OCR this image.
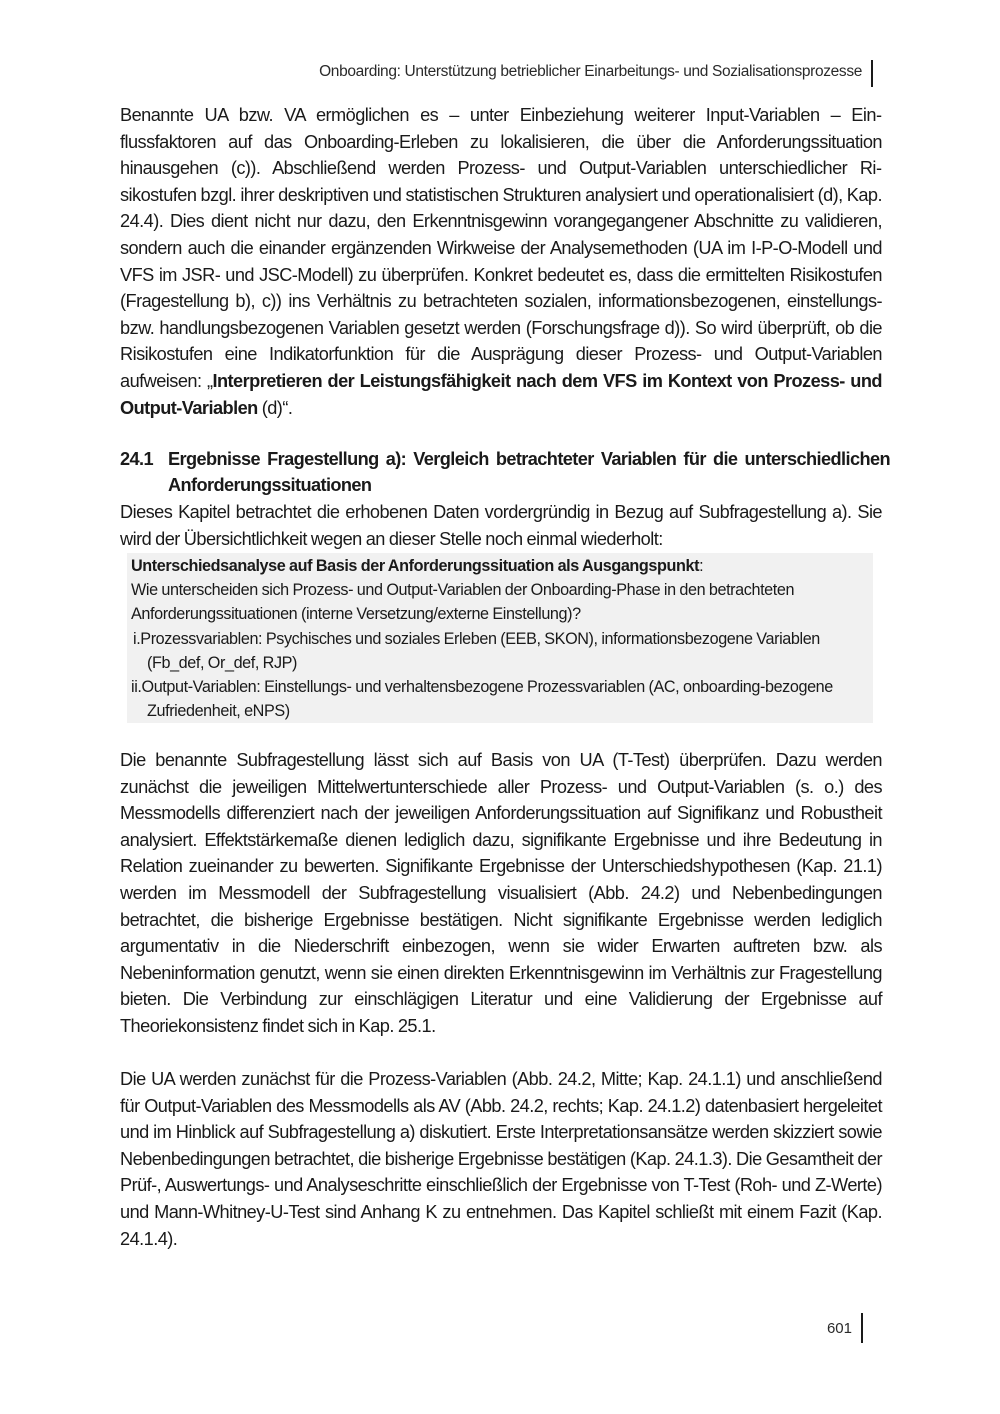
Onboarding: Unterstützung betrieblicher Einarbeitungs- und Sozialisationsprozesse

Benannte UA bzw. VA ermöglichen es – unter Einbeziehung weiterer Input-Variablen – Einflussfaktoren auf das Onboarding-Erleben zu lokalisieren, die über die Anforderungssituation hinausgehen (c)). Abschließend werden Prozess- und Output-Variablen unterschiedlicher Risikostufen bzgl. ihrer deskriptiven und statistischen Strukturen analysiert und operationalisiert (d), Kap. 24.4). Dies dient nicht nur dazu, den Erkenntnisgewinn vorangegangener Abschnitte zu validieren, sondern auch die einander ergänzenden Wirkweise der Analysemethoden (UA im I-P-O-Modell und VFS im JSR- und JSC-Modell) zu überprüfen. Konkret bedeutet es, dass die ermittelten Risikostufen (Fragestellung b), c)) ins Verhältnis zu betrachteten sozialen, informationsbezogenen, einstellungs- bzw. handlungsbezogenen Variablen gesetzt werden (Forschungsfrage d)). So wird überprüft, ob die Risikostufen eine Indikatorfunktion für die Ausprägung dieser Prozess- und Output-Variablen aufweisen: „Interpretieren der Leistungsfähigkeit nach dem VFS im Kontext von Prozess- und Output-Variablen (d)“.

24.1 Ergebnisse Fragestellung a): Vergleich betrachteter Variablen für die unterschiedlichen Anforderungssituationen

Dieses Kapitel betrachtet die erhobenen Daten vordergründig in Bezug auf Subfragestellung a). Sie wird der Übersichtlichkeit wegen an dieser Stelle noch einmal wiederholt:

Unterschiedsanalyse auf Basis der Anforderungssituation als Ausgangspunkt:
Wie unterscheiden sich Prozess- und Output-Variablen der Onboarding-Phase in den betrachteten Anforderungssituationen (interne Versetzung/externe Einstellung)?
i.Prozessvariablen: Psychisches und soziales Erleben (EEB, SKON), informationsbezogene Variablen (Fb_def, Or_def, RJP)
ii.Output-Variablen: Einstellungs- und verhaltensbezogene Prozessvariablen (AC, onboarding-bezogene Zufriedenheit, eNPS)

Die benannte Subfragestellung lässt sich auf Basis von UA (T-Test) überprüfen. Dazu werden zunächst die jeweiligen Mittelwertunterschiede aller Prozess- und Output-Variablen (s. o.) des Messmodells differenziert nach der jeweiligen Anforderungssituation auf Signifikanz und Robustheit analysiert. Effektstärkemaße dienen lediglich dazu, signifikante Ergebnisse und ihre Bedeutung in Relation zueinander zu bewerten. Signifikante Ergebnisse der Unterschiedshypothesen (Kap. 21.1) werden im Messmodell der Subfragestellung visualisiert (Abb. 24.2) und Nebenbedingungen betrachtet, die bisherige Ergebnisse bestätigen. Nicht signifikante Ergebnisse werden lediglich argumentativ in die Niederschrift einbezogen, wenn sie wider Erwarten auftreten bzw. als Nebeninformation genutzt, wenn sie einen direkten Erkenntnisgewinn im Verhältnis zur Fragestellung bieten. Die Verbindung zur einschlägigen Literatur und eine Validierung der Ergebnisse auf Theoriekonsistenz findet sich in Kap. 25.1.

Die UA werden zunächst für die Prozess-Variablen (Abb. 24.2, Mitte; Kap. 24.1.1) und anschließend für Output-Variablen des Messmodells als AV (Abb. 24.2, rechts; Kap. 24.1.2) datenbasiert hergeleitet und im Hinblick auf Subfragestellung a) diskutiert. Erste Interpretationsansätze werden skizziert sowie Nebenbedingungen betrachtet, die bisherige Ergebnisse bestätigen (Kap. 24.1.3). Die Gesamtheit der Prüf-, Auswertungs- und Analyseschritte einschließlich der Ergebnisse von T-Test (Roh- und Z-Werte) und Mann-Whitney-U-Test sind Anhang K zu entnehmen. Das Kapitel schließt mit einem Fazit (Kap. 24.1.4).

601
